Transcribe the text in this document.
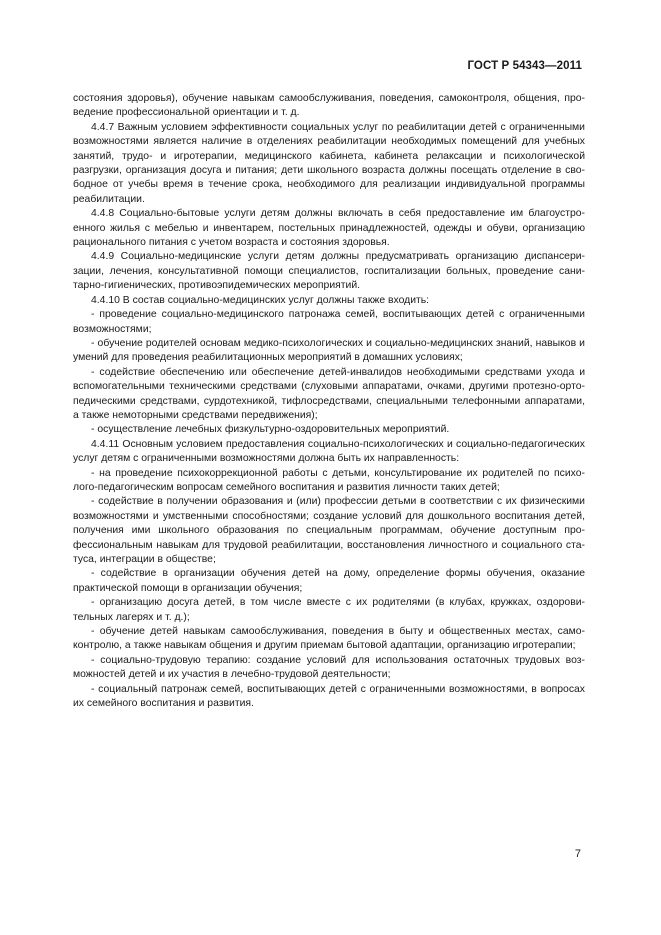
ГОСТ Р 54343—2011

состояния здоровья), обучение навыкам самообслуживания, поведения, самоконтроля, общения, проведение профессиональной ориентации и т. д.

4.4.7 Важным условием эффективности социальных услуг по реабилитации детей с ограниченными возможностями является наличие в отделениях реабилитации необходимых помещений для учебных занятий, трудо- и игротерапии, медицинского кабинета, кабинета релаксации и психологической разгрузки, организация досуга и питания; дети школьного возраста должны посещать отделение в свободное от учебы время в течение срока, необходимого для реализации индивидуальной программы реабилитации.

4.4.8 Социально-бытовые услуги детям должны включать в себя предоставление им благоустроенного жилья с мебелью и инвентарем, постельных принадлежностей, одежды и обуви, организацию рационального питания с учетом возраста и состояния здоровья.

4.4.9 Социально-медицинские услуги детям должны предусматривать организацию диспансеризации, лечения, консультативной помощи специалистов, госпитализации больных, проведение санитарно-гигиенических, противоэпидемических мероприятий.

4.4.10 В состав социально-медицинских услуг должны также входить:

- проведение социально-медицинского патронажа семей, воспитывающих детей с ограниченными возможностями;

- обучение родителей основам медико-психологических и социально-медицинских знаний, навыков и умений для проведения реабилитационных мероприятий в домашних условиях;

- содействие обеспечению или обеспечение детей-инвалидов необходимыми средствами ухода и вспомогательными техническими средствами (слуховыми аппаратами, очками, другими протезно-ортопедическими средствами, сурдотехникой, тифлосредствами, специальными телефонными аппаратами, а также немоторными средствами передвижения);

- осуществление лечебных физкультурно-оздоровительных мероприятий.

4.4.11 Основным условием предоставления социально-психологических и социально-педагогических услуг детям с ограниченными возможностями должна быть их направленность:

- на проведение психокоррекционной работы с детьми, консультирование их родителей по психолого-педагогическим вопросам семейного воспитания и развития личности таких детей;

- содействие в получении образования и (или) профессии детьми в соответствии с их физическими возможностями и умственными способностями; создание условий для дошкольного воспитания детей, получения ими школьного образования по специальным программам, обучение доступным профессиональным навыкам для трудовой реабилитации, восстановления личностного и социального статуса, интеграции в обществе;

- содействие в организации обучения детей на дому, определение формы обучения, оказание практической помощи в организации обучения;

- организацию досуга детей, в том числе вместе с их родителями (в клубах, кружках, оздоровительных лагерях и т. д.);

- обучение детей навыкам самообслуживания, поведения в быту и общественных местах, самоконтролю, а также навыкам общения и другим приемам бытовой адаптации, организацию игротерапии;

- социально-трудовую терапию: создание условий для использования остаточных трудовых возможностей детей и их участия в лечебно-трудовой деятельности;

- социальный патронаж семей, воспитывающих детей с ограниченными возможностями, в вопросах их семейного воспитания и развития.

7
